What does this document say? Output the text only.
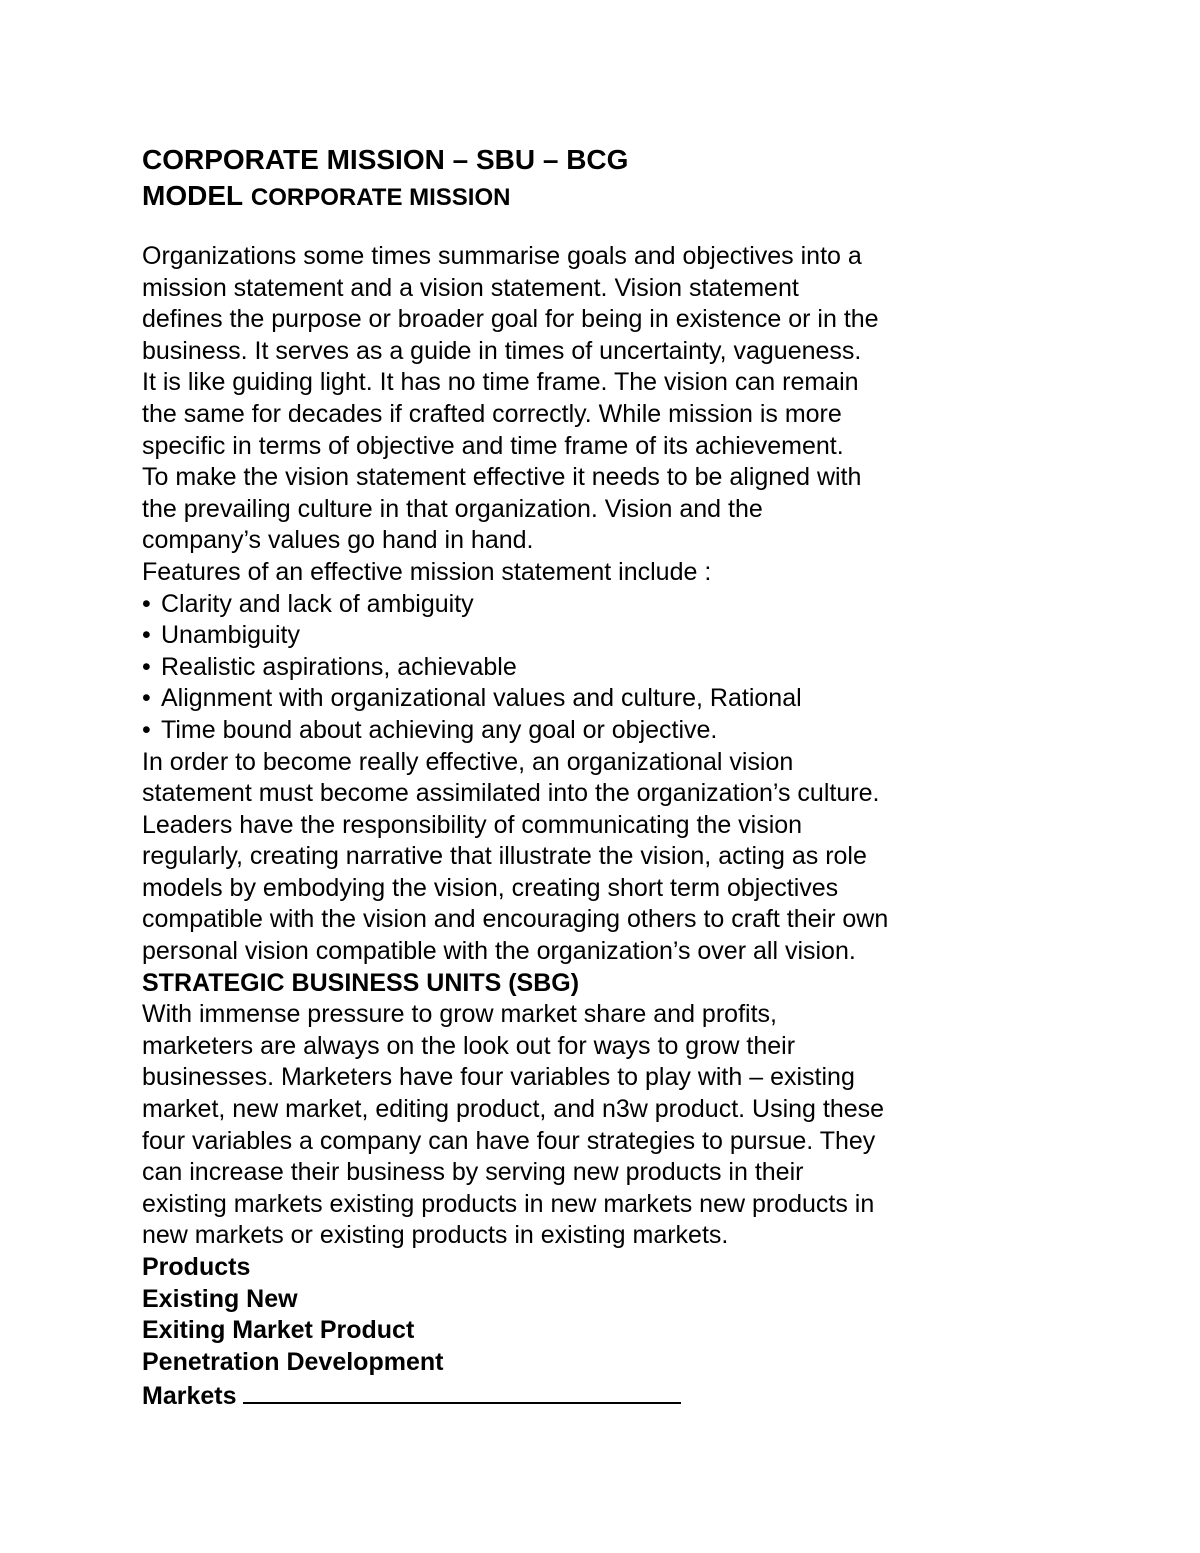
CORPORATE MISSION – SBU – BCG
MODEL CORPORATE MISSION
Organizations some times summarise goals and objectives into a
mission statement and a vision statement. Vision statement
defines the purpose or broader goal for being in existence or in the
business. It serves as a guide in times of uncertainty, vagueness.
It is like guiding light. It has no time frame. The vision can remain
the same for decades if crafted correctly. While mission is more
specific in terms of objective and time frame of its achievement.
To make the vision statement effective it needs to be aligned with
the prevailing culture in that organization. Vision and the
company’s values go hand in hand.
Features of an effective mission statement include :
• Clarity and lack of ambiguity
• Unambiguity
• Realistic aspirations, achievable
• Alignment with organizational values and culture, Rational
• Time bound about achieving any goal or objective.
In order to become really effective, an organizational vision
statement must become assimilated into the organization’s culture.
Leaders have the responsibility of communicating the vision
regularly, creating narrative that illustrate the vision, acting as role
models by embodying the vision, creating short term objectives
compatible with the vision and encouraging others to craft their own
personal vision compatible with the organization’s over all vision.
STRATEGIC BUSINESS UNITS (SBG)
With immense pressure to grow market share and profits,
marketers are always on the look out for ways to grow their
businesses. Marketers have four variables to play with – existing
market, new market, editing product, and n3w product. Using these
four variables a company can have four strategies to pursue. They
can increase their business by serving new products in their
existing markets existing products in new markets new products in
new markets or existing products in existing markets.
Products
Existing New
Exiting Market Product
Penetration Development
Markets
